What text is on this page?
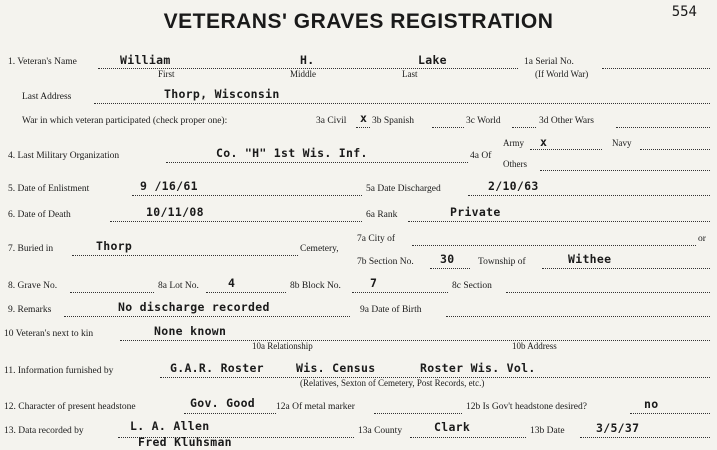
VETERANS' GRAVES REGISTRATION	554
1. Veteran's Name	William	H.	Lake	1a Serial No.
First	Middle	Last	(If World War)
Last Address	Thorp, Wisconsin
War in which veteran participated (check proper one):	3a Civil x 3b Spanish	3c World	3d Other Wars
4. Last Military Organization	Co. "H" 1st Wis. Inf.	4a Of
Army x	Navy
Others
5. Date of Enlistment	9 /16/61	5a Date Discharged	2/10/63
6. Date of Death	10/11/08	6a Rank	Private
7. Buried in	Thorp	Cemetery,
7a City of	or
7b Section No. 30 Township of	Withee
8. Grave No.	8a Lot No.	4	8b Block No.	7	8c Section
9. Remarks	No discharge recorded	9a Date of Birth
10 Veteran's next to kin	None known
10a Relationship	10b Address
11. Information furnished by	G.A.R. Roster	Wis. Census	Roster Wis. Vol.
(Relatives, Sexton of Cemetery, Post Records, etc.)
12. Character of present headstone	Gov. Good 12a Of metal marker	12b Is Gov't headstone desired?	no
13. Data recorded by	L. A. Allen
Fred Kluhsman
13a County	Clark	13b Date	3/5/37
